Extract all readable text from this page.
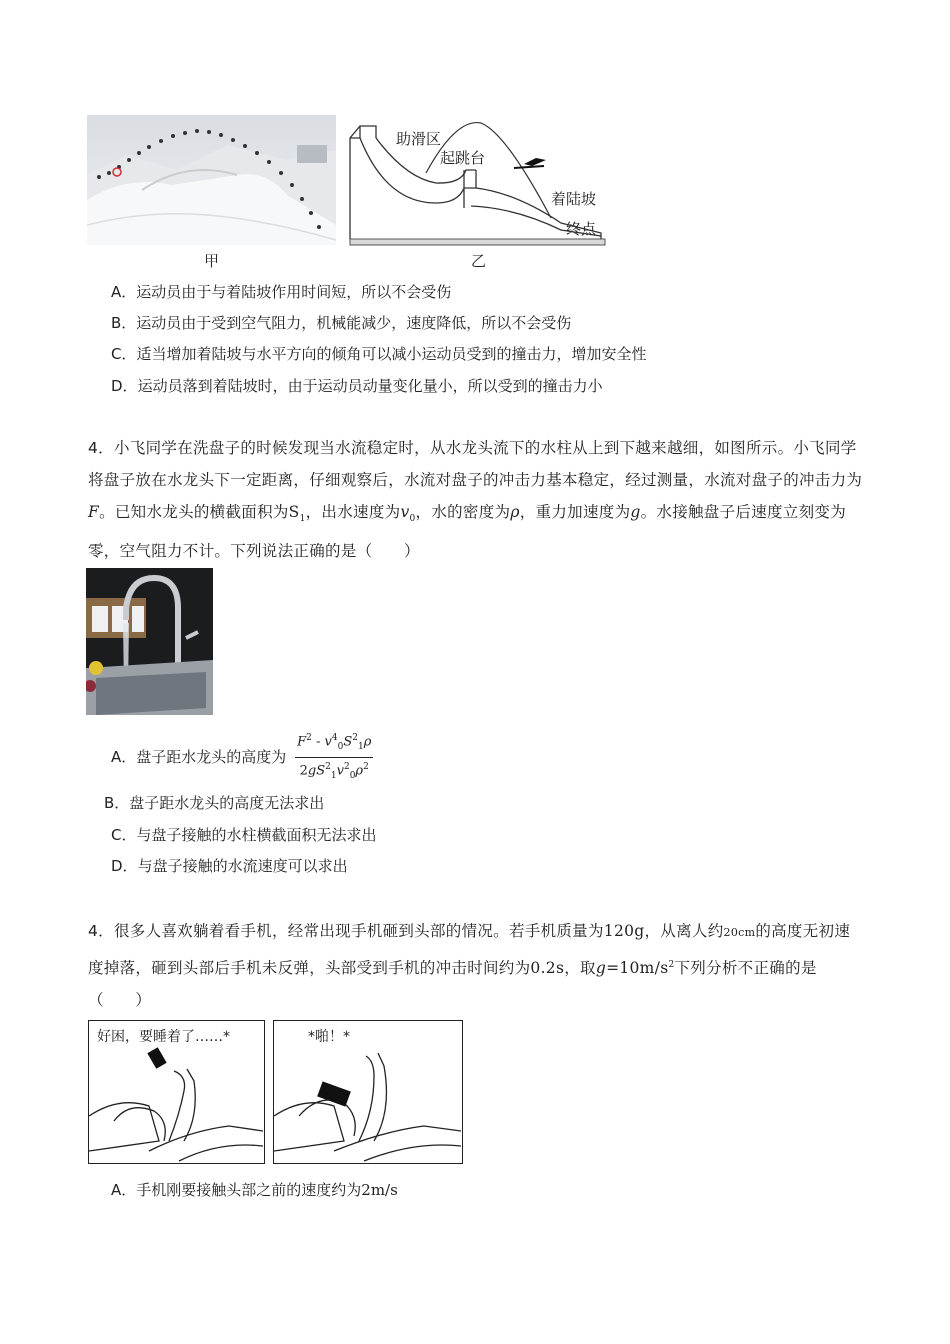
助滑区
起跳台
着陆坡
终点
甲	乙
A．运动员由于与着陆坡作用时间短，所以不会受伤
B．运动员由于受到空气阻力，机械能减少，速度降低，所以不会受伤
C．适当增加着陆坡与水平方向的倾角可以减小运动员受到的撞击力，增加安全性
D．运动员落到着陆坡时，由于运动员动量变化量小，所以受到的撞击力小
4．小飞同学在洗盘子的时候发现当水流稳定时，从水龙头流下的水柱从上到下越来越细，如图所示。小飞同学将盘子放在水龙头下一定距离，仔细观察后，水流对盘子的冲击力基本稳定，经过测量，水流对盘子的冲击力为F。已知水龙头的横截面积为$S_1$，出水速度为$v_0$，水的密度为ρ，重力加速度为g。水接触盘子后速度立刻变为零，空气阻力不计。下列说法正确的是（　　）
A．盘子距水龙头的高度为 $\frac{F^2 - v^4_0S^2_1\rho}{2gS^2_1v^2_0\rho^2}$
B．盘子距水龙头的高度无法求出
C．与盘子接触的水柱横截面积无法求出
D．与盘子接触的水流速度可以求出
4．很多人喜欢躺着看手机，经常出现手机砸到头部的情况。若手机质量为120g，从离人约20cm的高度无初速度掉落，砸到头部后手机未反弹，头部受到手机的冲击时间约为0.2s，取$g=10m/s^2$下列分析不正确的是（　　）
好困，要睡着了……*	*啪！*
A．手机刚要接触头部之前的速度约为2m/s
